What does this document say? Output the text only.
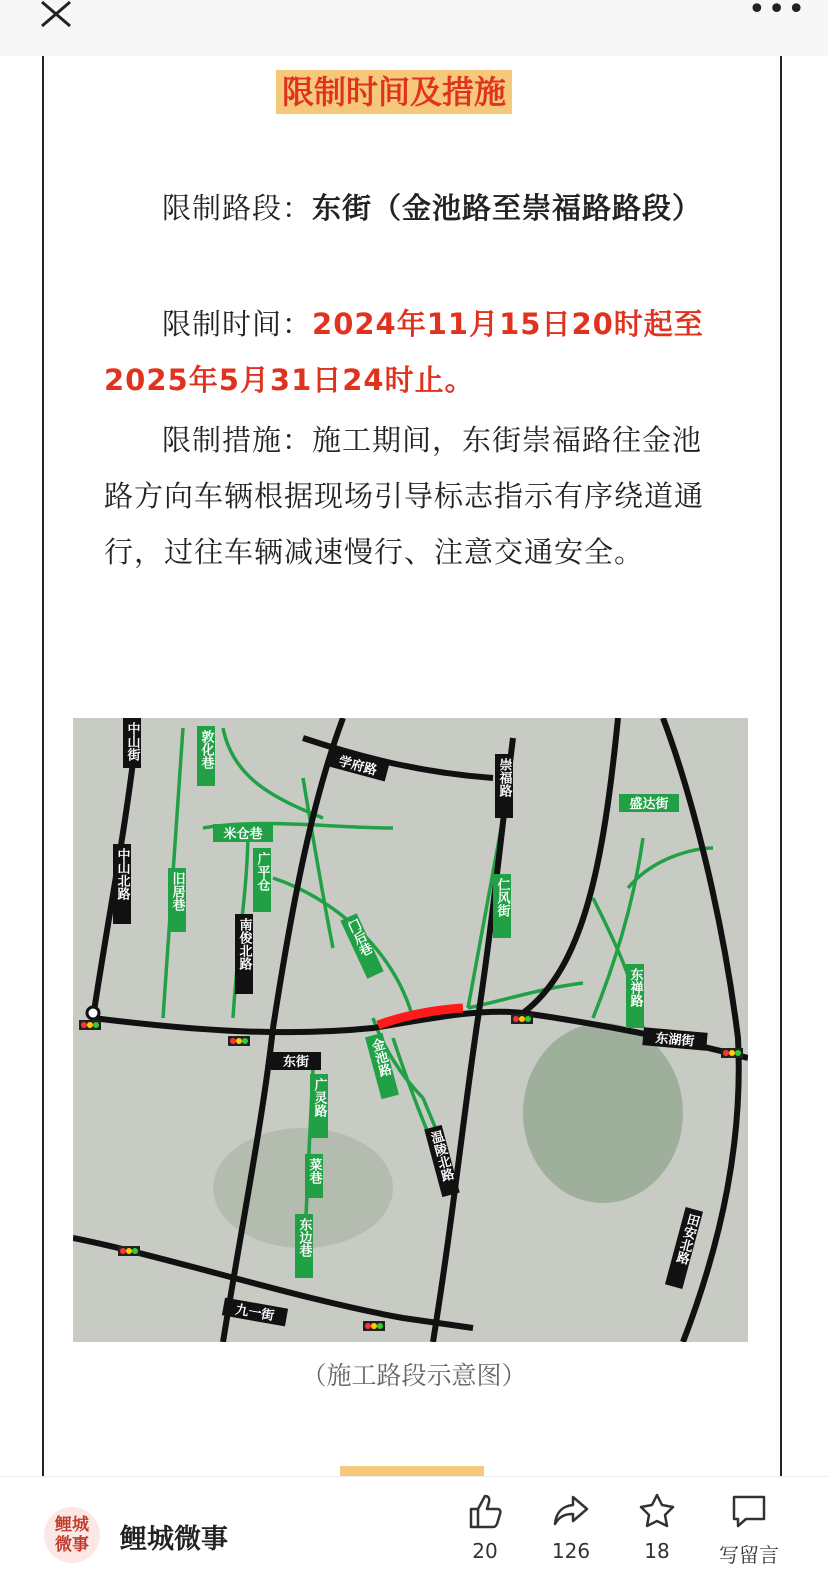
•••
限制时间及措施
限制路段：东街（金池路至崇福路路段）
限制时间：2024年11月15日20时起至2025年5月31日24时止。
限制措施：施工期间，东街崇福路往金池路方向车辆根据现场引导标志指示有序绕道通行，过往车辆减速慢行、注意交通安全。
学府路
米仓巷
盛达街
东街
东湖街
九一街
中山街	敦化巷
崇福路
中山北路	广平仓
旧居巷
南俊北路	门后巷
仁风街
东禅路
金池路
广灵路
温陵北路
菜巷
东边巷	田安北路
（施工路段示意图）
鲤城
微事	鲤城微事	20	126	18	写留言
